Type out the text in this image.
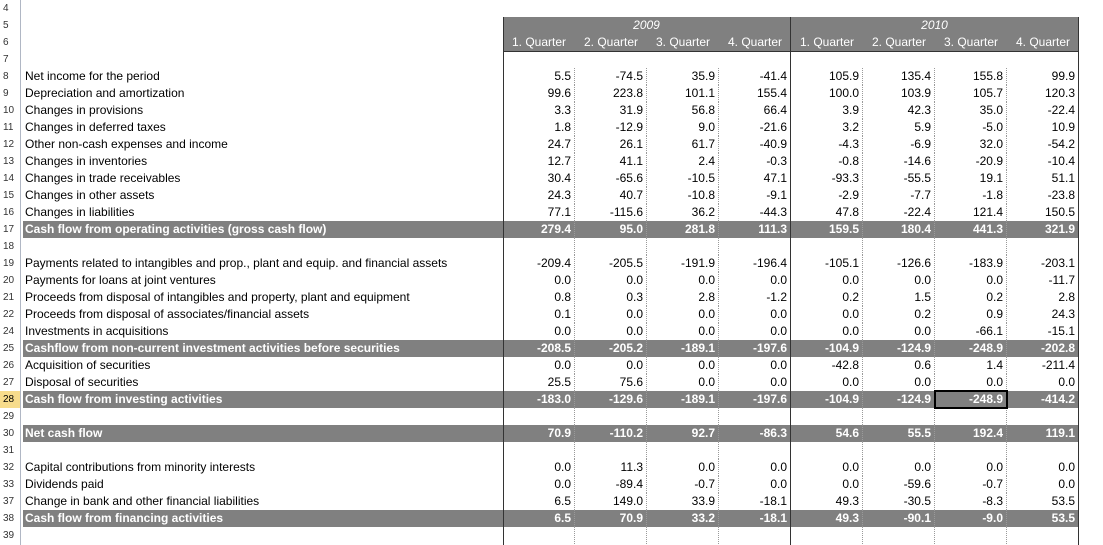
4
5
6
7
8	Net income for the period	5.5	-74.5	35.9	-41.4	105.9	135.4	155.8	99.9
9	Depreciation and amortization	99.6	223.8	101.1	155.4	100.0	103.9	105.7	120.3
10 Changes in provisions	3.3	31.9	56.8	66.4	3.9	42.3	35.0	-22.4
11 Changes in deferred taxes	1.8	-12.9	9.0	-21.6	3.2	5.9	-5.0	10.9
12 Other non-cash expenses and income	24.7	26.1	61.7	-40.9	-4.3	-6.9	32.0	-54.2
13 Changes in inventories	12.7	41.1	2.4	-0.3	-0.8	-14.6	-20.9	-10.4
14 Changes in trade receivables	30.4	-65.6	-10.5	47.1	-93.3	-55.5	19.1	51.1
15 Changes in other assets	24.3	40.7	-10.8	-9.1	-2.9	-7.7	-1.8	-23.8
16 Changes in liabilities	77.1	-115.6	36.2	-44.3	47.8	-22.4	121.4	150.5
17 Cash flow from operating activities (gross cash flow)	279.4	95.0	281.8	111.3	159.5	180.4	441.3	321.9
18
19 Payments related to intangibles and prop., plant and equip. and financial assets	-209.4	-205.5	-191.9	-196.4	-105.1	-126.6	-183.9	-203.1
20 Payments for loans at joint ventures	0.0	0.0	0.0	0.0	0.0	0.0	0.0	-11.7
21 Proceeds from disposal of intangibles and property, plant and equipment	0.8	0.3	2.8	-1.2	0.2	1.5	0.2	2.8
22 Proceeds from disposal of associates/financial assets	0.1	0.0	0.0	0.0	0.0	0.2	0.9	24.3
24 Investments in acquisitions	0.0	0.0	0.0	0.0	0.0	0.0	-66.1	-15.1
25 Cashflow from non-current investment activities before securities	-208.5	-205.2	-189.1	-197.6	-104.9	-124.9	-248.9	-202.8
26 Acquisition of securities	0.0	0.0	0.0	0.0	-42.8	0.6	1.4	-211.4
27 Disposal of securities	25.5	75.6	0.0	0.0	0.0	0.0	0.0	0.0
28 Cash flow from investing activities	-183.0	-129.6	-189.1	-197.6	-104.9	-124.9	-248.9	-414.2
29
30 Net cash flow	70.9	-110.2	92.7	-86.3	54.6	55.5	192.4	119.1
31
32 Capital contributions from minority interests	0.0	11.3	0.0	0.0	0.0	0.0	0.0	0.0
33 Dividends paid	0.0	-89.4	-0.7	0.0	0.0	-59.6	-0.7	0.0
37 Change in bank and other financial liabilities	6.5	149.0	33.9	-18.1	49.3	-30.5	-8.3	53.5
38 Cash flow from financing activities	6.5	70.9	33.2	-18.1	49.3	-90.1	-9.0	53.5
39
2009	2010
1. Quarter	2. Quarter	3. Quarter	4. Quarter	1. Quarter	2. Quarter	3. Quarter	4. Quarter
